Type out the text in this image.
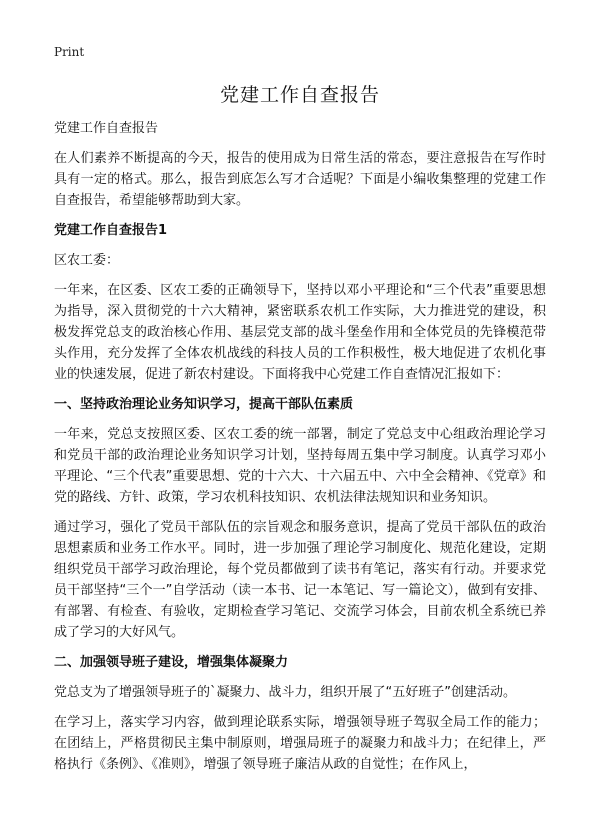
Print
党建工作自查报告

党建工作自查报告

在人们素养不断提高的今天，报告的使用成为日常生活的常态，要注意报告在写作时具有一定的格式。那么，报告到底怎么写才合适呢？下面是小编收集整理的党建工作自查报告，希望能够帮助到大家。

党建工作自查报告1

区农工委：

一年来，在区委、区农工委的正确领导下，坚持以邓小平理论和“三个代表”重要思想为指导，深入贯彻党的十六大精神，紧密联系农机工作实际，大力推进党的建设，积极发挥党总支的政治核心作用、基层党支部的战斗堡垒作用和全体党员的先锋模范带头作用，充分发挥了全体农机战线的科技人员的工作积极性，极大地促进了农机化事业的快速发展，促进了新农村建设。下面将我中心党建工作自查情况汇报如下：

一、坚持政治理论业务知识学习，提高干部队伍素质

一年来，党总支按照区委、区农工委的统一部署，制定了党总支中心组政治理论学习和党员干部的政治理论业务知识学习计划，坚持每周五集中学习制度。认真学习邓小平理论、“三个代表”重要思想、党的十六大、十六届五中、六中全会精神、《党章》和党的路线、方针、政策，学习农机科技知识、农机法律法规知识和业务知识。

通过学习，强化了党员干部队伍的宗旨观念和服务意识，提高了党员干部队伍的政治思想素质和业务工作水平。同时，进一步加强了理论学习制度化、规范化建设，定期组织党员干部学习政治理论，每个党员都做到了读书有笔记，落实有行动。并要求党员干部坚持“三个一”自学活动（读一本书、记一本笔记、写一篇论文），做到有安排、有部署、有检查、有验收，定期检查学习笔记、交流学习体会，目前农机全系统已养成了学习的大好风气。

二、加强领导班子建设，增强集体凝聚力

党总支为了增强领导班子的`凝聚力、战斗力，组织开展了“五好班子”创建活动。

在学习上，落实学习内容，做到理论联系实际，增强领导班子驾驭全局工作的能力；在团结上，严格贯彻民主集中制原则，增强局班子的凝聚力和战斗力；在纪律上，严格执行《条例》、《准则》，增强了领导班子廉洁从政的自觉性；在作风上，
